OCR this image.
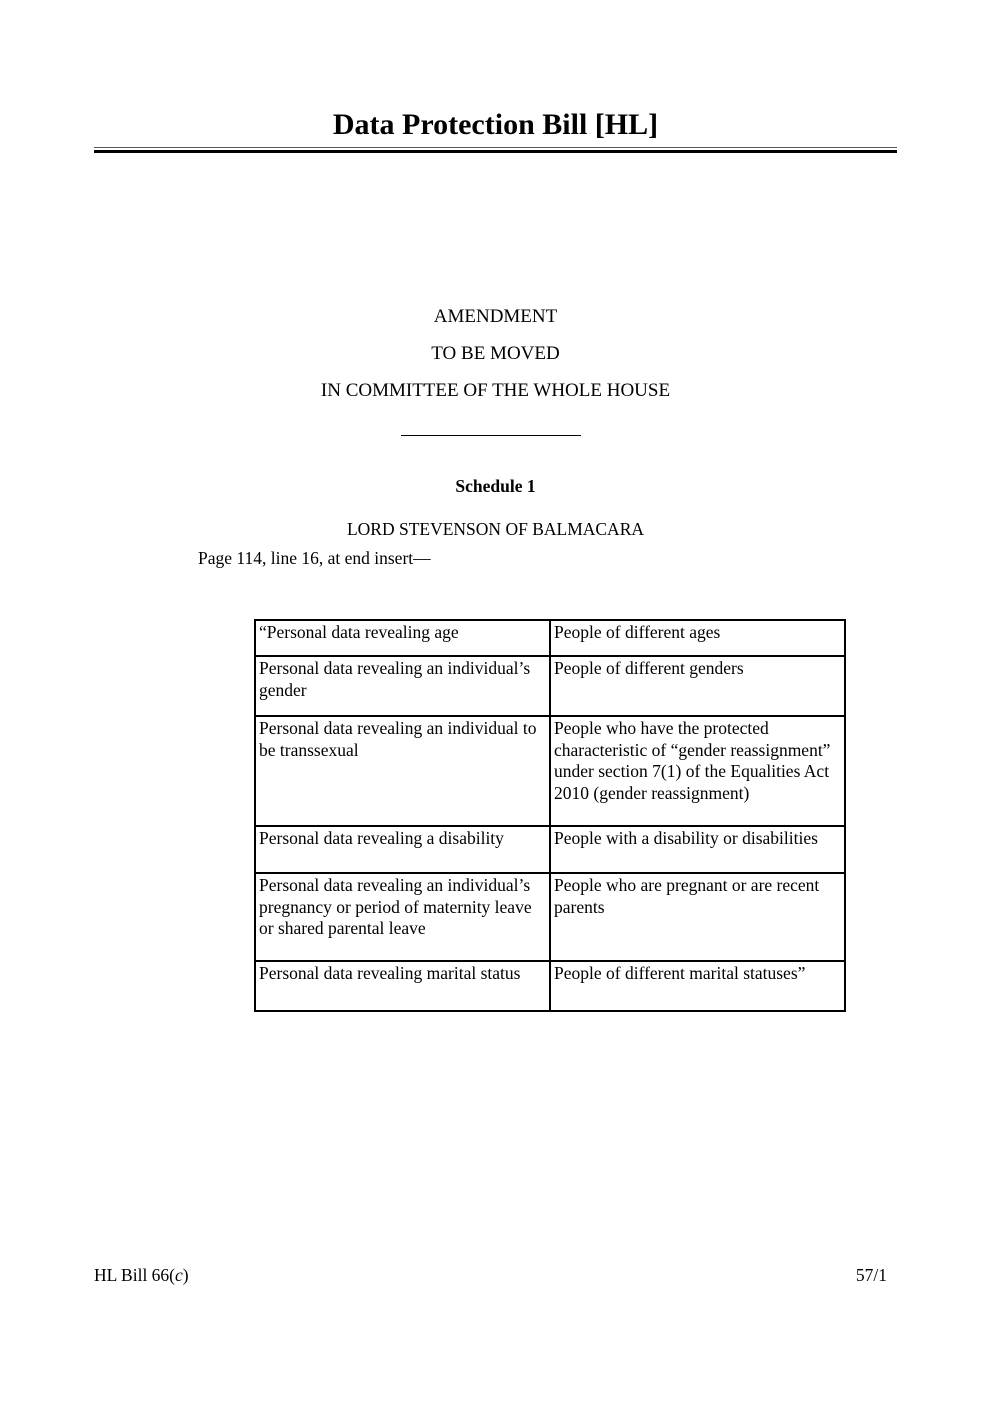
Data Protection Bill [HL]
AMENDMENT
TO BE MOVED
IN COMMITTEE OF THE WHOLE HOUSE
Schedule 1
LORD STEVENSON OF BALMACARA
Page 114, line 16, at end insert—
“Personal data revealing age	People of different ages
Personal data revealing an individual’s gender	People of different genders
Personal data revealing an individual to be transsexual	People who have the protected characteristic of “gender reassignment” under section 7(1) of the Equalities Act 2010 (gender reassignment)
Personal data revealing a disability	People with a disability or disabilities
Personal data revealing an individual’s pregnancy or period of maternity leave or shared parental leave	People who are pregnant or are recent parents
Personal data revealing marital status	People of different marital statuses”
HL Bill 66(c)	57/1
